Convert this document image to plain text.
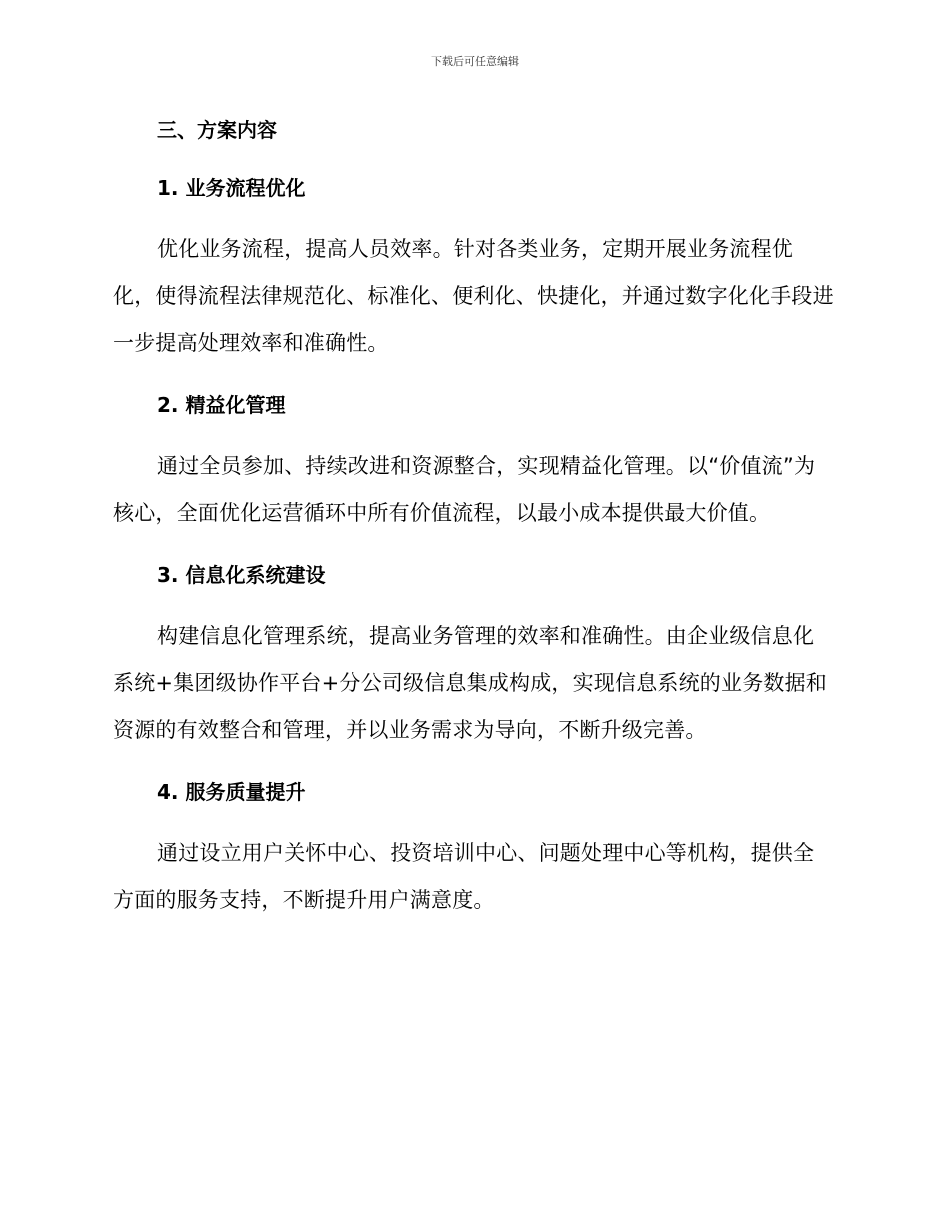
下载后可任意编辑
三、方案内容
1. 业务流程优化

优化业务流程，提高人员效率。针对各类业务，定期开展业务流程优化，使得流程法律规范化、标准化、便利化、快捷化，并通过数字化化手段进一步提高处理效率和准确性。

2. 精益化管理

通过全员参加、持续改进和资源整合，实现精益化管理。以“价值流”为核心，全面优化运营循环中所有价值流程，以最小成本提供最大价值。

3. 信息化系统建设

构建信息化管理系统，提高业务管理的效率和准确性。由企业级信息化系统+集团级协作平台+分公司级信息集成构成，实现信息系统的业务数据和资源的有效整合和管理，并以业务需求为导向，不断升级完善。

4. 服务质量提升

通过设立用户关怀中心、投资培训中心、问题处理中心等机构，提供全方面的服务支持，不断提升用户满意度。
